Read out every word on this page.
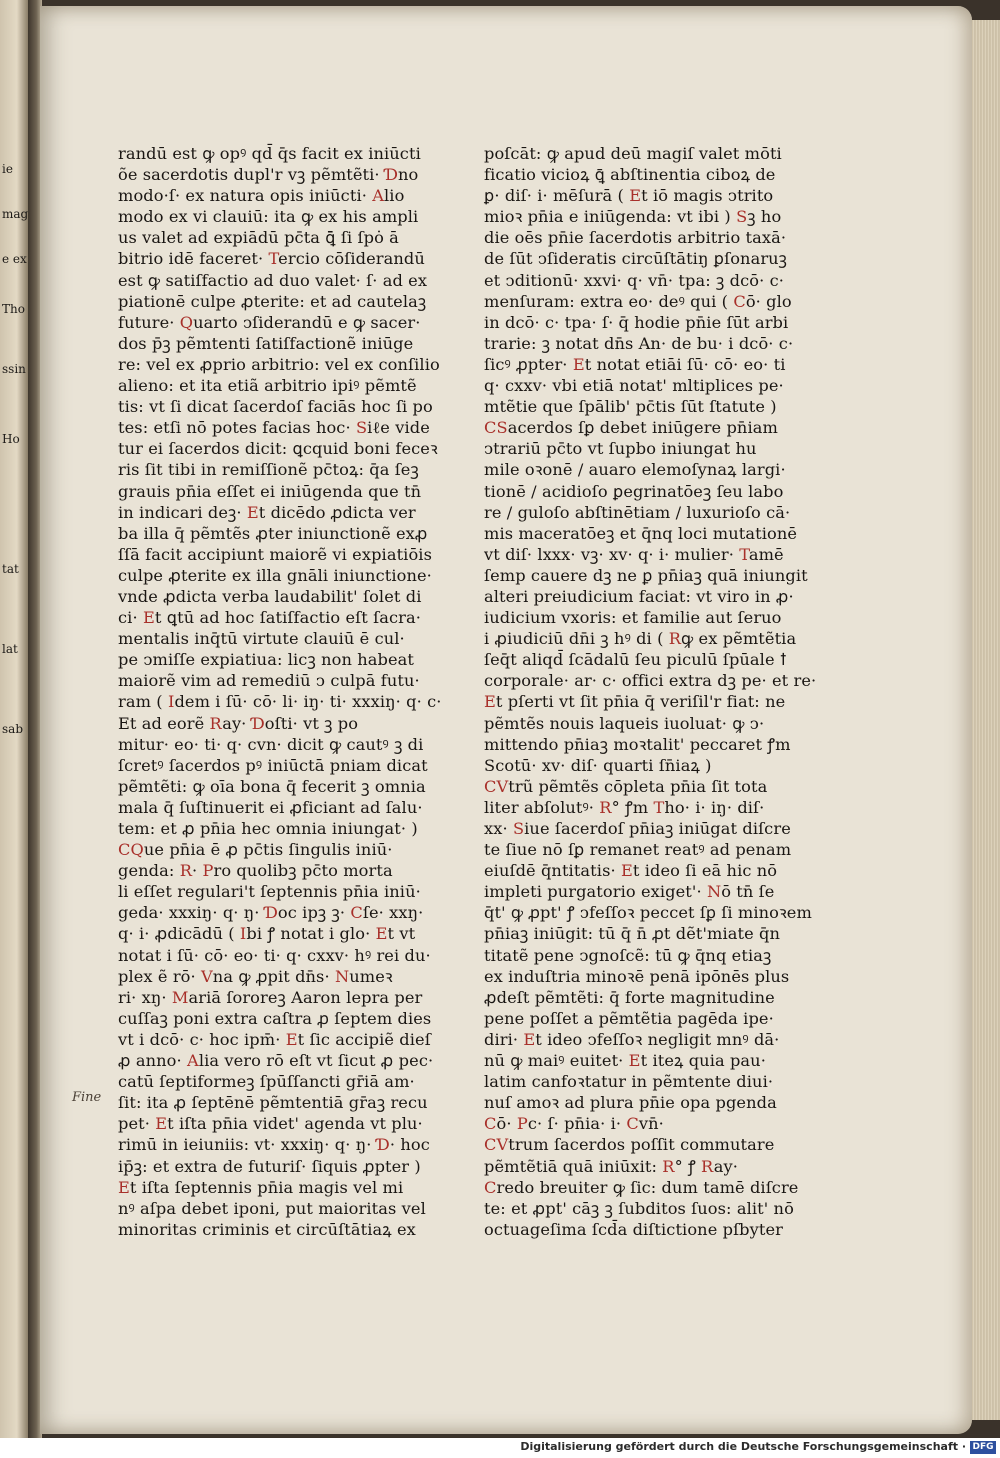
ie
mag
e ex
Tho
ssin
Ho
tat
lat
sab
randū est ꝙ opꝰ qd̄ q̄s facit ex iniūcti
õe sacerdotis dupl'r vꝫ pẽmtẽti· Ɗno
modo·ſ· ex natura opis iniūcti· Alio
modo ex vi clauiū: ita ꝙ ex his ampli
us valet ad expiādū pc̄ta ꝗ̄ ſi ſpȯ ā
bitrio idē faceret· Tercio cōſiderandū
est ꝙ satiſfactio ad duo valet· ſ· ad ex
piationē culpe ꝓterite: et ad cautelaꝫ
future· Quarto ↄſiderandū e ꝙ sacer·
dos p̄ꝫ pẽmtenti ſatiſfactionẽ iniūge
re: vel ex ꝓprio arbitrio: vel ex conſilio
alieno: et ita etiã arbitrio ipiꝰ pẽmtẽ
tis: vt ſi dicat ſacerdoſ faciās hoc ſi po
tes: etſi nō potes facias hoc· Siℓe vide
tur ei ſacerdos dicit: ꝗcquid boni feceꝛ
ris ſit tibi in remiſſionẽ pc̄toꝝ: q̄a ſeꝫ
grauis pn̄ia eſſet ei iniūgenda que tn̄
in indicari deꝫ· Et dicēdo ꝓdicta ver
ba illa q̄ pẽmtẽs ꝓter iniunctionẽ exꝓ
ſſā facit accipiunt maiorẽ vi expiatiōis
culpe ꝓterite ex illa gnāli iniunctione·
vnde ꝓdicta verba laudabilit' ſolet di
ci· Et ꝗtū ad hoc ſatiſfactio eſt ſacra·
mentalis inq̄tū virtute clauiū ē cul·
pe ↄmiſſe expiatiua: licꝫ non habeat
maiorẽ vim ad remediū ↄ culpā futu·
ram ( Idem i ſū· cō· li· iŋ· ti· xxxiŋ· q· c·
Et ad eorẽ Ray· Ɗoſti· vt ꝫ po
mitur· eo· ti· q· cvn· dicit ꝙ cautꝰ ꝫ di
ſcretꝰ ſacerdos pꝰ iniūctā pniam dicat
pẽmtẽti: ꝙ oīa bona q̄ fecerit ꝫ omnia
mala q̄ ſuſtinuerit ei ꝓficiant ad ſalu·
tem: et ꝓ pn̄ia hec omnia iniungat· )
CQue pn̄ia ē ꝓ pc̄tis ſingulis iniū·
genda: R· Pro quolibꝫ pc̄to morta
li eſſet regulari't ſeptennis pn̄ia iniū·
geda· xxxiŋ· q· ŋ· Ɗoc ipꝫ ꝫ· Cſe· xxŋ·
q· i· ꝓdicādū ( Ibi ꝭ notat i glo· Et vt
notat i ſū· cō· eo· ti· q· cxxv· hꝰ rei du·
plex ẽ rō· Vna ꝙ ꝓpit dn̄s· Numeꝛ
ri· xŋ· Mariā ſororeꝫ Aaron lepra per
cuſſaꝫ poni extra caſtra ꝓ ſeptem dies
vt i dcō· c· hoc ipm̄· Et ſic accipiẽ dieſ
ꝓ anno· Alia vero rō eſt vt ſicut ꝓ pec·
catū ſeptiformeꝫ ſpūſſancti gr̄iā am·
ſit: ita ꝓ ſeptēnē pẽmtentiā gr̄aꝫ recu
pet· Et iſta pn̄ia videt' agenda vt plu·
rimū in ieiuniis: vt· xxxiŋ· q· ŋ· Ɗ· hoc
ip̄ꝫ: et extra de futuriſ· ſiquis ꝓpter )
Et iſta ſeptennis pn̄ia magis vel mi
nꝰ aſpa debet iponi, put maioritas vel
minoritas criminis et circūſtātiaꝝ ex
poſcāt: ꝙ apud deū magiſ valet mōti
ficatio vicioꝝ ꝗ̄ abſtinentia ciboꝝ de
ꝑ· diſ· i· mēſurā ( Et iō magis ↄtrito
mioꝛ pn̄ia e iniūgenda: vt ibi ) Sꝫ ho
die oēs pn̄ie ſacerdotis arbitrio taxā·
de ſūt ↄſideratis circūſtātiŋ ꝑſonaruꝫ
et ↄditionū· xxvi· q· vn̄· tpa: ꝫ dcō· c·
menſuram: extra eo· deꝰ qui ( Cō· glo
in dcō· c· tpa· ſ· q̄ hodie pn̄ie ſūt arbi
trarie: ꝫ notat dn̄s An· de bu· i dcō· c·
ſicꝰ ꝓpter· Et notat etiāi ſū· cō· eo· ti
q· cxxv· vbi etiā notat' mltiplices pe·
mtẽtie que ſpālib' pc̄tis ſūt ſtatute )
CSacerdos ſꝑ debet iniūgere pn̄iam
ↄtrariū pc̄to vt ſupbo iniungat hu
mile oꝛonē / auaro elemoſynaꝝ largi·
tionē / acidioſo ꝑegrinatōeꝫ ſeu labo
re / guloſo abſtinētiam / luxurioſo cā·
mis maceratōeꝫ et q̄nq loci mutationē
vt diſ· lxxx· vꝫ· xv· q· i· mulier· Tamē
ſemp cauere dꝫ ne ꝑ pn̄iaꝫ quā iniungit
alteri preiudicium faciat: vt viro in ꝓ·
iudicium vxoris: et familie aut ſeruo
i ꝓiudiciū dn̄i ꝫ hꝰ di ( Rꝙ ex pẽmtẽtia
ſeq̄t aliqd̄ ſcādalū ſeu piculū ſpūale ꝉ
corporale· ar· c· offici extra dꝫ pe· et re·
Et pſerti vt ſit pn̄ia q̄ veriſil'r fiat: ne
pẽmtẽs nouis laqueis iuoluat· ꝙ ↄ·
mittendo pn̄iaꝫ moꝛtalit' peccaret ꝭm
Scotū· xv· diſ· quarti ſn̄iaꝝ )
CVtrũ pẽmtẽs cōpleta pn̄ia ſit tota
liter abſolutꝰ· R° ꝭm Tho· i· iŋ· diſ·
xx· Siue ſacerdoſ pn̄iaꝫ iniūgat diſcre
te ſiue nō ſꝑ remanet reatꝰ ad penam
eiuſdē q̄ntitatis· Et ideo ſi eā hic nō
impleti purgatorio exiget'· Nō tn̄ ſe
q̄t' ꝙ ꝓpt' ꝭ ↄfeſſoꝛ peccet ſꝑ ſi minoꝛem
pn̄iaꝫ iniūgit: tū q̄ n̄ ꝓt dẽt'miate q̄n
titatẽ pene ↄgnoſcẽ: tū ꝙ q̄nq etiaꝫ
ex induſtria minoꝛē penā ipōnēs plus
ꝓdeſt pẽmtẽti: q̄ forte magnitudine
pene poſſet a pẽmtẽtia pagēda ipe·
diri· Et ideo ↄfeſſoꝛ negligit mnꝰ dā·
nū ꝙ maiꝰ euitet· Et iteꝝ quia pau·
latim canfoꝛtatur in pẽmtente diui·
nuſ amoꝛ ad plura pn̄ie opa pgenda
Cō· Pc· ſ· pn̄ia· i· Cvn̄·
CVtrum ſacerdos poſſit commutare
pẽmtẽtiā quā iniūxit: R° ꝭ Ray·
Credo breuiter ꝙ ſic: dum tamē diſcre
te: et ꝓpt' cāꝫ ꝫ ſubditos ſuos: alit' nō
octuageſima ſcd̄a diſtictione pſbyter
Fine
Digitalisierung gefördert durch die Deutsche Forschungsgemeinschaft · DFG
